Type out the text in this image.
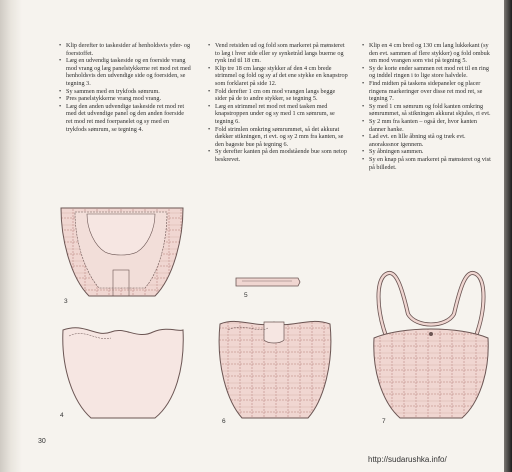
• Klip derefter to taskesider af henholdsvis yder- og foerstoffet.
• Læg en udvendig taskeside og en foerside vrang mod vrang og læg panelstykkerne ret mod ret med henholdsvis den udvendige side og foersiden, se tegning 3.
• Sy sammen med en trykfods sømrum.
• Pres panelstykkerne vrang mod vrang.
• Læg den anden udvendige taskeside ret mod ret med det udvendige panel og den anden foerside ret mod ret med foerpanelet og sy med en trykfods sømrum, se tegning 4.
• Vend retsiden ud og fold som markeret på mønsteret to læg i hver side eller sy synketråd langs buerne og rynk ind til 18 cm.
• Klip tre 18 cm lange stykker af den 4 cm brede strimmel og fold og sy af det ene stykke en knapstrop som forklaret på side 12.
• Fold derefter 1 cm om mod vrangen langs begge sider på de to andre stykker, se tegning 5.
• Læg en strimmel ret mod ret med tasken med knapstroppen under og sy med 1 cm sømrum, se tegning 6.
• Fold strimlen omkring sømrummet, så det akkurat dækker stikningen, ri evt. og sy 2 mm fra kanten, se den bageste bue på tegning 6.
• Sy derefter kanten på den modstående bue som netop beskrevet.
• Klip en 4 cm bred og 130 cm lang lukkekant (sy den evt. sammen af flere stykker) og fold ombuk om mod vrangen som vist på tegning 5.
• Sy de korte ender sammen ret mod ret til en ring og inddel ringen i to lige store halvdele.
• Find midten på taskens sidepaneler og placer ringens markeringer over disse ret mod ret, se tegning 7.
• Sy med 1 cm sømrum og fold kanten omkring sømrummet, så stikningen akkurat skjules, ri evt.
• Sy 2 mm fra kanten – også der, hvor kanten danner hanke.
• Lad evt. en lille åbning stå og træk evt. anorakssnor igennem.
• Sy åbningen sammen.
• Sy en knap på som markeret på mønsteret og vist på billedet.
3
4
5
6	7
30
http://sudarushka.info/
